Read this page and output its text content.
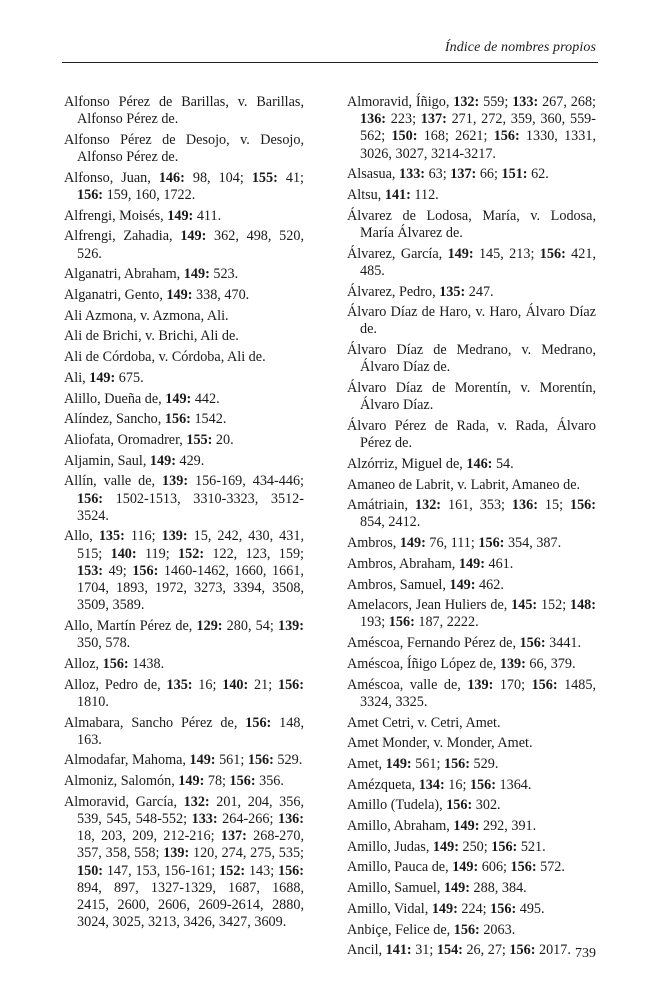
Índice de nombres propios
Alfonso Pérez de Barillas, v. Barillas, Alfonso Pérez de.
Alfonso Pérez de Desojo, v. Desojo, Alfonso Pérez de.
Alfonso, Juan, 146: 98, 104; 155: 41; 156: 159, 160, 1722.
Alfrengi, Moisés, 149: 411.
Alfrengi, Zahadia, 149: 362, 498, 520, 526.
Alganatri, Abraham, 149: 523.
Alganatri, Gento, 149: 338, 470.
Ali Azmona, v. Azmona, Ali.
Ali de Brichi, v. Brichi, Ali de.
Ali de Córdoba, v. Córdoba, Ali de.
Ali, 149: 675.
Alillo, Dueña de, 149: 442.
Alíndez, Sancho, 156: 1542.
Aliofata, Oromadrer, 155: 20.
Aljamin, Saul, 149: 429.
Allín, valle de, 139: 156-169, 434-446; 156: 1502-1513, 3310-3323, 3512-3524.
Allo, 135: 116; 139: 15, 242, 430, 431, 515; 140: 119; 152: 122, 123, 159; 153: 49; 156: 1460-1462, 1660, 1661, 1704, 1893, 1972, 3273, 3394, 3508, 3509, 3589.
Allo, Martín Pérez de, 129: 280, 54; 139: 350, 578.
Alloz, 156: 1438.
Alloz, Pedro de, 135: 16; 140: 21; 156: 1810.
Almabara, Sancho Pérez de, 156: 148, 163.
Almodafar, Mahoma, 149: 561; 156: 529.
Almoniz, Salomón, 149: 78; 156: 356.
Almoravid, García, 132: 201, 204, 356, 539, 545, 548-552; 133: 264-266; 136: 18, 203, 209, 212-216; 137: 268-270, 357, 358, 558; 139: 120, 274, 275, 535; 150: 147, 153, 156-161; 152: 143; 156: 894, 897, 1327-1329, 1687, 1688, 2415, 2600, 2606, 2609-2614, 2880, 3024, 3025, 3213, 3426, 3427, 3609.
Almoravid, Íñigo, 132: 559; 133: 267, 268; 136: 223; 137: 271, 272, 359, 360, 559-562; 150: 168; 2621; 156: 1330, 1331, 3026, 3027, 3214-3217.
Alsasua, 133: 63; 137: 66; 151: 62.
Altsu, 141: 112.
Álvarez de Lodosa, María, v. Lodosa, María Álvarez de.
Álvarez, García, 149: 145, 213; 156: 421, 485.
Álvarez, Pedro, 135: 247.
Álvaro Díaz de Haro, v. Haro, Álvaro Díaz de.
Álvaro Díaz de Medrano, v. Medrano, Álvaro Díaz de.
Álvaro Díaz de Morentín, v. Morentín, Álvaro Díaz.
Álvaro Pérez de Rada, v. Rada, Álvaro Pérez de.
Alzórriz, Miguel de, 146: 54.
Amaneo de Labrit, v. Labrit, Amaneo de.
Amátriain, 132: 161, 353; 136: 15; 156: 854, 2412.
Ambros, 149: 76, 111; 156: 354, 387.
Ambros, Abraham, 149: 461.
Ambros, Samuel, 149: 462.
Amelacors, Jean Huliers de, 145: 152; 148: 193; 156: 187, 2222.
Améscoa, Fernando Pérez de, 156: 3441.
Améscoa, Íñigo López de, 139: 66, 379.
Améscoa, valle de, 139: 170; 156: 1485, 3324, 3325.
Amet Cetri, v. Cetri, Amet.
Amet Monder, v. Monder, Amet.
Amet, 149: 561; 156: 529.
Amézqueta, 134: 16; 156: 1364.
Amillo (Tudela), 156: 302.
Amillo, Abraham, 149: 292, 391.
Amillo, Judas, 149: 250; 156: 521.
Amillo, Pauca de, 149: 606; 156: 572.
Amillo, Samuel, 149: 288, 384.
Amillo, Vidal, 149: 224; 156: 495.
Anbiçe, Felice de, 156: 2063.
Ancil, 141: 31; 154: 26, 27; 156: 2017. 739
